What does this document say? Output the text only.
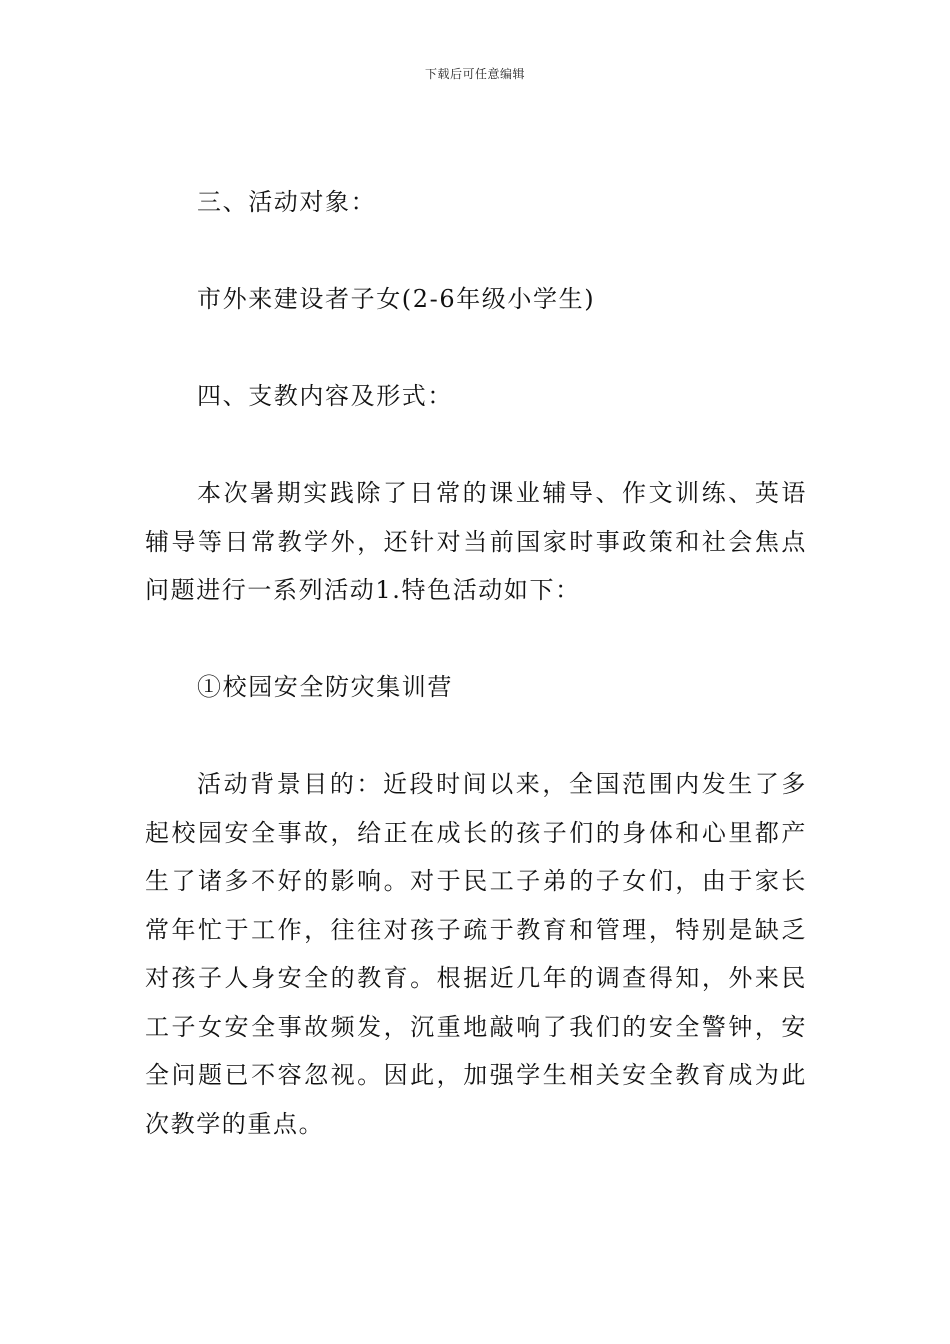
下载后可任意编辑

三、活动对象：

市外来建设者子女(2-6年级小学生)

四、支教内容及形式：

本次暑期实践除了日常的课业辅导、作文训练、英语辅导等日常教学外，还针对当前国家时事政策和社会焦点问题进行一系列活动1.特色活动如下：

①校园安全防灾集训营

活动背景目的：近段时间以来，全国范围内发生了多起校园安全事故，给正在成长的孩子们的身体和心里都产生了诸多不好的影响。对于民工子弟的子女们，由于家长常年忙于工作，往往对孩子疏于教育和管理，特别是缺乏对孩子人身安全的教育。根据近几年的调查得知，外来民工子女安全事故频发，沉重地敲响了我们的安全警钟，安全问题已不容忽视。因此，加强学生相关安全教育成为此次教学的重点。
